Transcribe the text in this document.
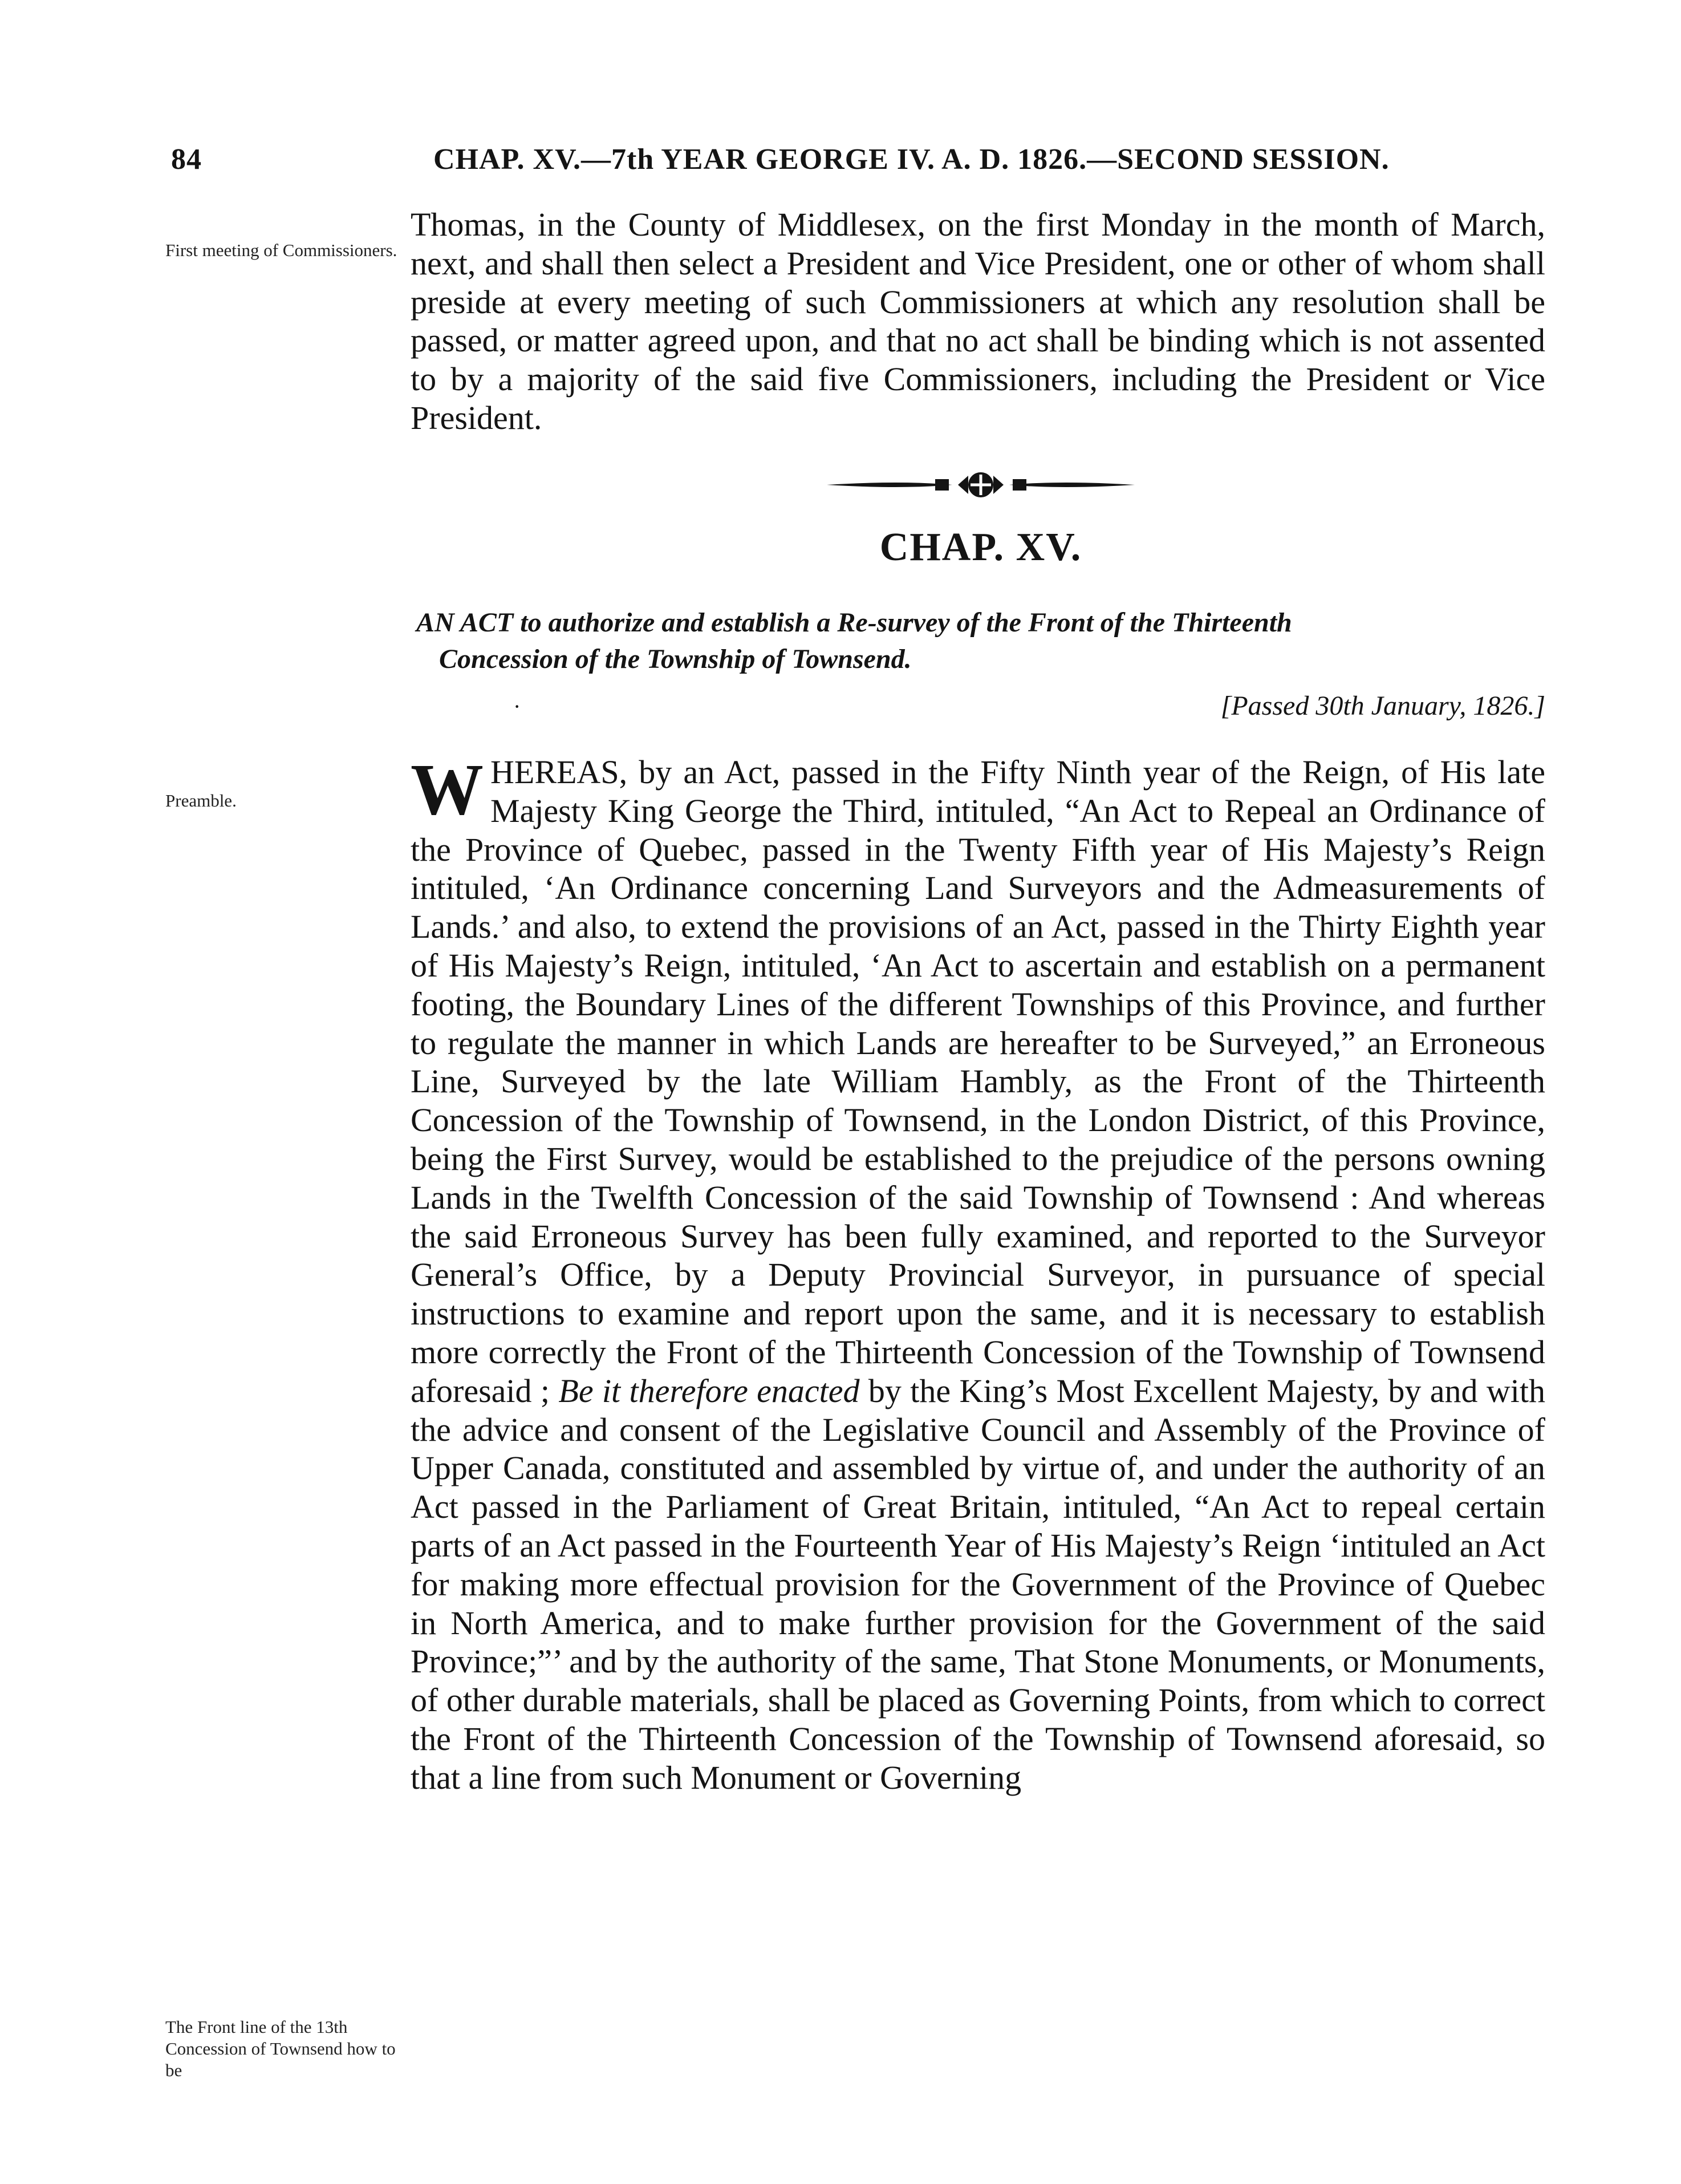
84	CHAP. XV.—7th YEAR GEORGE IV. A. D. 1826.—SECOND SESSION.
First meeting of Commissioners.
Preamble.
The Front line of the 13th Concession of Townsend how to be

Thomas, in the County of Middlesex, on the first Monday in the month of March, next, and shall then select a President and Vice President, one or other of whom shall preside at every meeting of such Commissioners at which any resolution shall be passed, or matter agreed upon, and that no act shall be binding which is not assented to by a majority of the said five Commissioners, including the President or Vice President.

CHAP. XV.
AN ACT to authorize and establish a Re-survey of the Front of the Thirteenth
Concession of the Township of Townsend.
·	[Passed 30th January, 1826.]

WHEREAS, by an Act, passed in the Fifty Ninth year of the Reign, of His late Majesty King George the Third, intituled, “An Act to Repeal an Ordinance of the Province of Quebec, passed in the Twenty Fifth year of His Majesty’s Reign intituled, ‘An Ordinance concerning Land Surveyors and the Admeasurements of Lands.’ and also, to extend the provisions of an Act, passed in the Thirty Eighth year of His Majesty’s Reign, intituled, ‘An Act to ascertain and establish on a permanent footing, the Boundary Lines of the different Townships of this Province, and further to regulate the manner in which Lands are hereafter to be Surveyed,” an Erroneous Line, Surveyed by the late William Hambly, as the Front of the Thirteenth Concession of the Township of Townsend, in the London District, of this Province, being the First Survey, would be established to the prejudice of the persons owning Lands in the Twelfth Concession of the said Township of Townsend : And whereas the said Erroneous Survey has been fully examined, and reported to the Surveyor General’s Office, by a Deputy Provincial Surveyor, in pursuance of special instructions to examine and report upon the same, and it is necessary to establish more correctly the Front of the Thirteenth Concession of the Township of Townsend aforesaid ; Be it therefore enacted by the King’s Most Excellent Majesty, by and with the advice and consent of the Legislative Council and Assembly of the Province of Upper Canada, constituted and assembled by virtue of, and under the authority of an Act passed in the Parliament of Great Britain, intituled, “An Act to repeal certain parts of an Act passed in the Fourteenth Year of His Majesty’s Reign ‘intituled an Act for making more effectual provision for the Government of the Province of Quebec in North America, and to make further provision for the Government of the said Province;”’ and by the authority of the same, That Stone Monuments, or Monuments, of other durable materials, shall be placed as Governing Points, from which to correct the Front of the Thirteenth Concession of the Township of Townsend aforesaid, so that a line from such Monument or Governing
